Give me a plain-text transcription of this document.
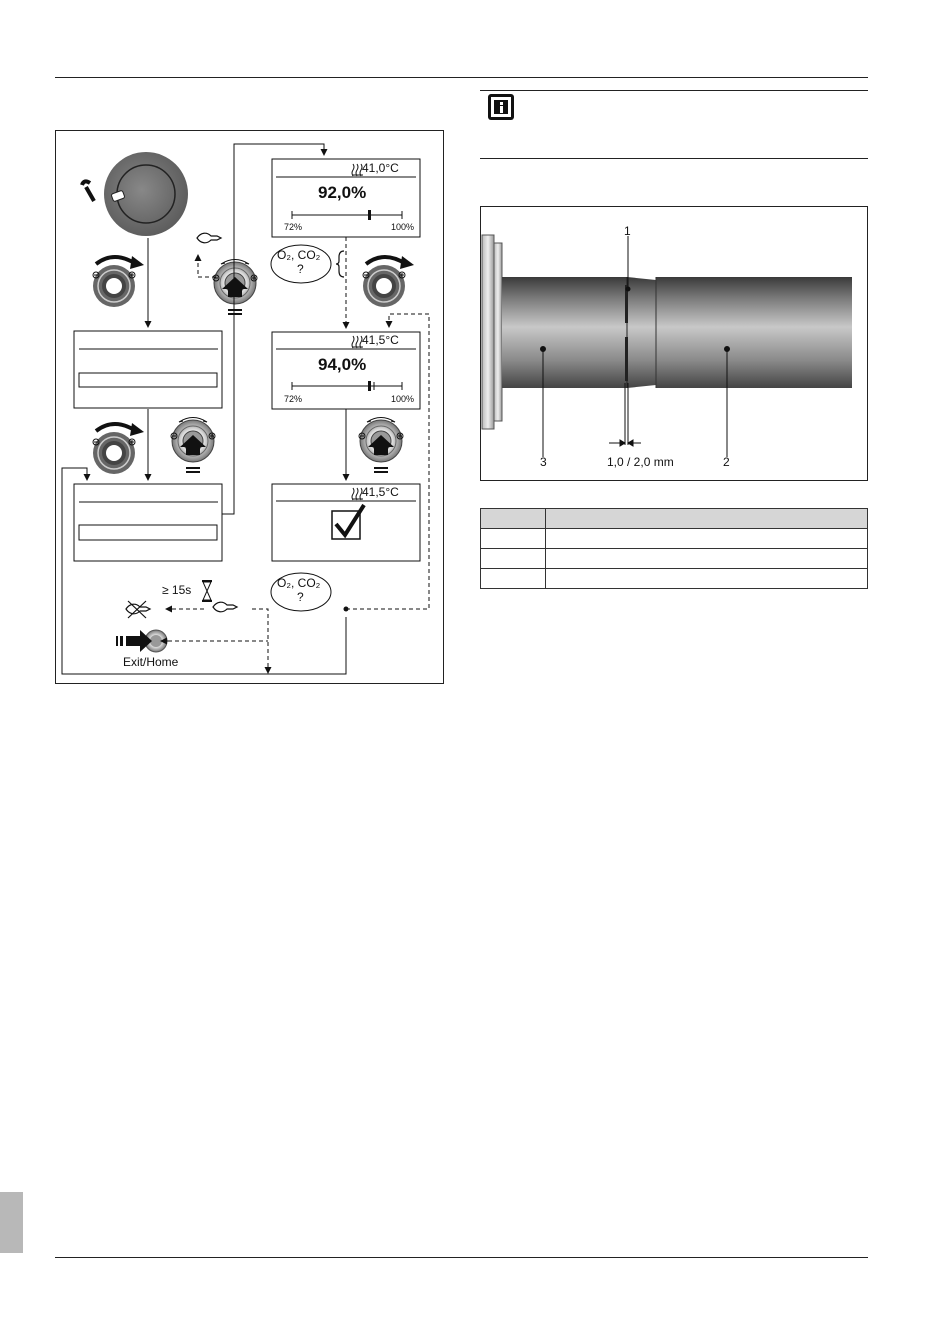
41,0°C
92,0%
72%	100%
41,5°C
94,0%
72%	100%
41,5°C
O₂, CO₂
?
O₂, CO₂
?
≥ 15s
Exit/Home
1
3	2
1,0 / 2,0 mm
